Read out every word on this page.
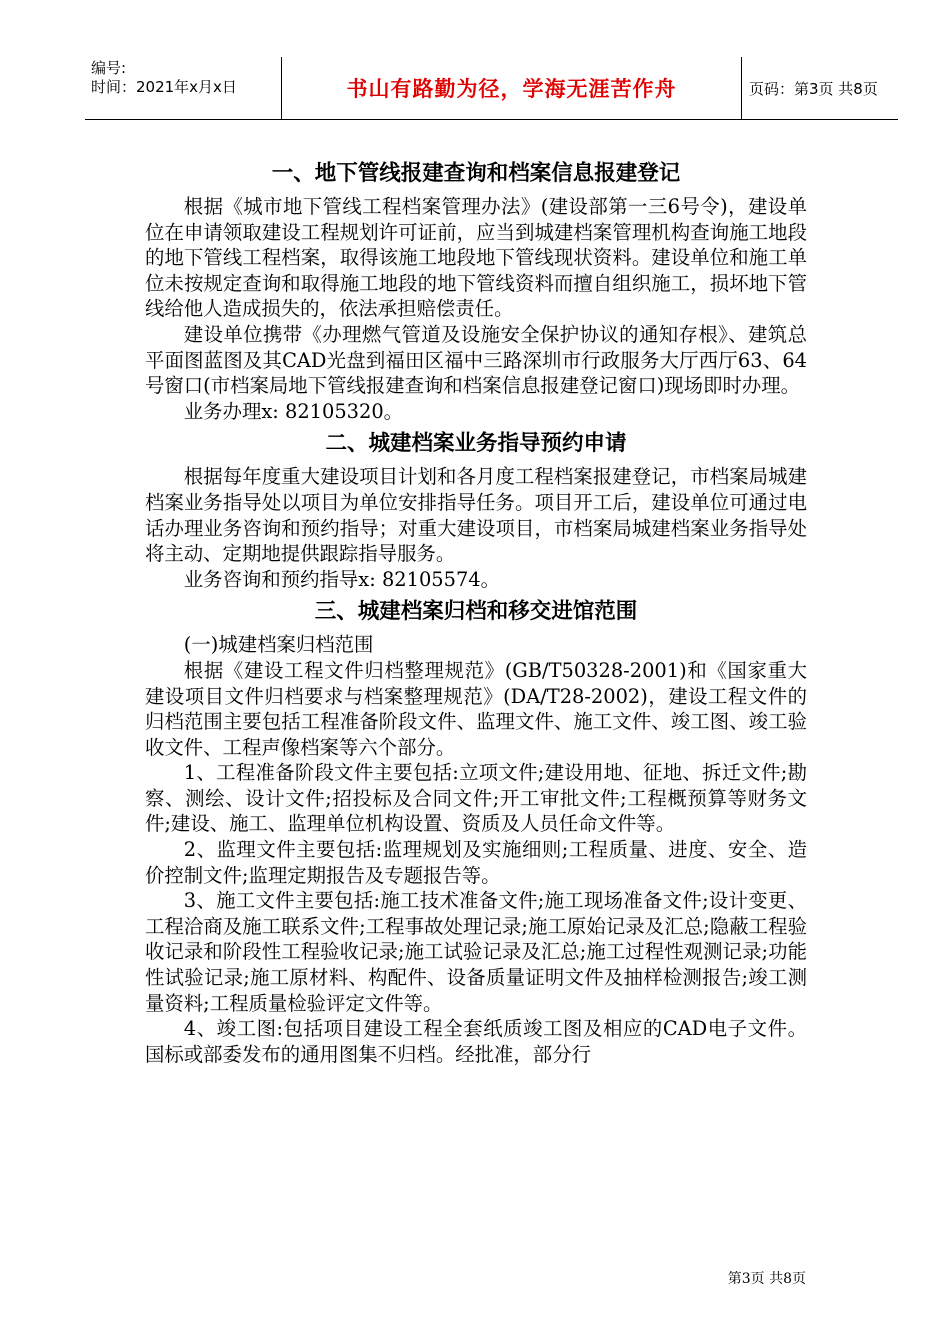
编号:
时间：2021年x月x日	书山有路勤为径，学海无涯苦作舟	页码：第3页 共8页
一、地下管线报建查询和档案信息报建登记

根据《城市地下管线工程档案管理办法》(建设部第一三6号令)，建设单位在申请领取建设工程规划许可证前，应当到城建档案管理机构查询施工地段的地下管线工程档案，取得该施工地段地下管线现状资料。建设单位和施工单位未按规定查询和取得施工地段的地下管线资料而擅自组织施工，损坏地下管线给他人造成损失的，依法承担赔偿责任。

建设单位携带《办理燃气管道及设施安全保护协议的通知存根》、建筑总平面图蓝图及其CAD光盘到福田区福中三路深圳市行政服务大厅西厅63、64号窗口(市档案局地下管线报建查询和档案信息报建登记窗口)现场即时办理。

业务办理x: 82105320。

二、城建档案业务指导预约申请

根据每年度重大建设项目计划和各月度工程档案报建登记，市档案局城建档案业务指导处以项目为单位安排指导任务。项目开工后，建设单位可通过电话办理业务咨询和预约指导；对重大建设项目，市档案局城建档案业务指导处将主动、定期地提供跟踪指导服务。

业务咨询和预约指导x: 82105574。

三、城建档案归档和移交进馆范围

(一)城建档案归档范围

根据《建设工程文件归档整理规范》(GB/T50328-2001)和《国家重大建设项目文件归档要求与档案整理规范》(DA/T28-2002)，建设工程文件的归档范围主要包括工程准备阶段文件、监理文件、施工文件、竣工图、竣工验收文件、工程声像档案等六个部分。

1、工程准备阶段文件主要包括:立项文件;建设用地、征地、拆迁文件;勘察、测绘、设计文件;招投标及合同文件;开工审批文件;工程概预算等财务文件;建设、施工、监理单位机构设置、资质及人员任命文件等。

2、监理文件主要包括:监理规划及实施细则;工程质量、进度、安全、造价控制文件;监理定期报告及专题报告等。

3、施工文件主要包括:施工技术准备文件;施工现场准备文件;设计变更、工程洽商及施工联系文件;工程事故处理记录;施工原始记录及汇总;隐蔽工程验收记录和阶段性工程验收记录;施工试验记录及汇总;施工过程性观测记录;功能性试验记录;施工原材料、构配件、设备质量证明文件及抽样检测报告;竣工测量资料;工程质量检验评定文件等。

4、竣工图:包括项目建设工程全套纸质竣工图及相应的CAD电子文件。国标或部委发布的通用图集不归档。经批准，部分行

第3页 共8页
